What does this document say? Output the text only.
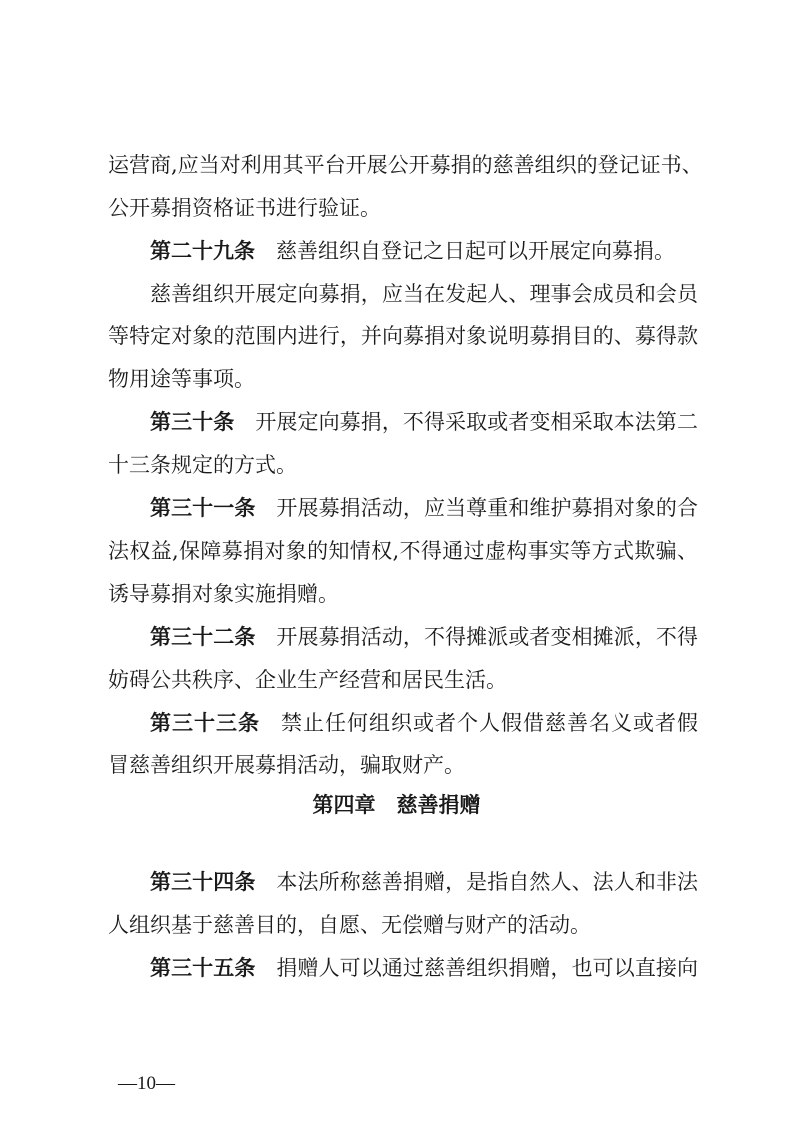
运营商,应当对利用其平台开展公开募捐的慈善组织的登记证书、
公开募捐资格证书进行验证。
第二十九条 慈善组织自登记之日起可以开展定向募捐。
慈善组织开展定向募捐，应当在发起人、理事会成员和会员
等特定对象的范围内进行，并向募捐对象说明募捐目的、募得款
物用途等事项。
第三十条 开展定向募捐，不得采取或者变相采取本法第二
十三条规定的方式。
第三十一条 开展募捐活动，应当尊重和维护募捐对象的合
法权益,保障募捐对象的知情权,不得通过虚构事实等方式欺骗、
诱导募捐对象实施捐赠。
第三十二条 开展募捐活动，不得摊派或者变相摊派，不得
妨碍公共秩序、企业生产经营和居民生活。
第三十三条 禁止任何组织或者个人假借慈善名义或者假
冒慈善组织开展募捐活动，骗取财产。
第四章　慈善捐赠
第三十四条 本法所称慈善捐赠，是指自然人、法人和非法
人组织基于慈善目的，自愿、无偿赠与财产的活动。
第三十五条 捐赠人可以通过慈善组织捐赠，也可以直接向
—10—
